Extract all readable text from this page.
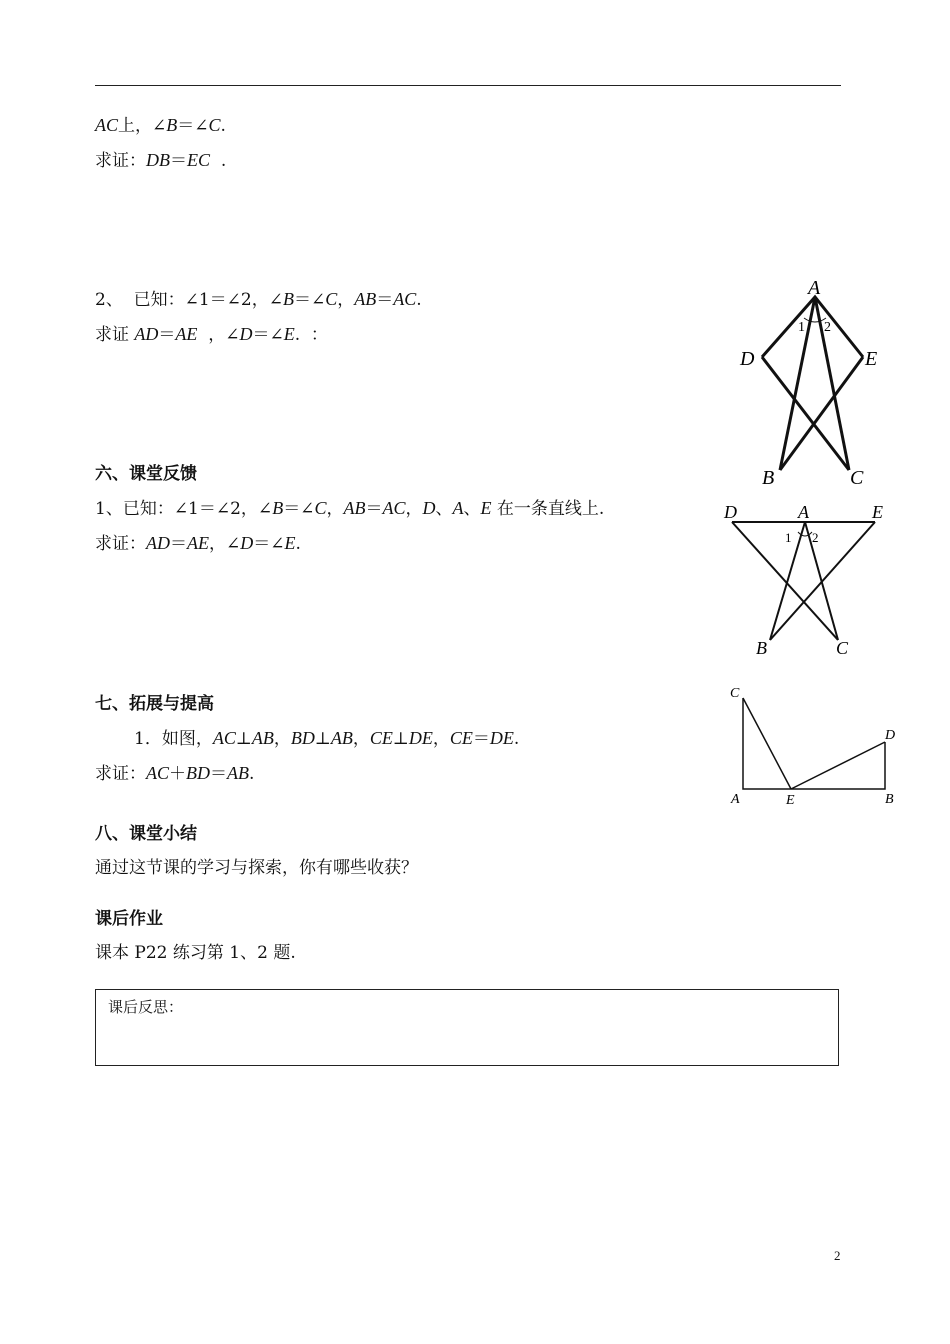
AC上，∠B＝∠C.
求证：DB＝EC  .
2、  已知：∠1＝∠2，∠B＝∠C，AB＝AC.
求证 AD＝AE  ，∠D＝∠E.  ：
六、课堂反馈
1、已知：∠1＝∠2，∠B＝∠C，AB＝AC，D、A、E 在一条直线上.
求证：AD＝AE，∠D＝∠E.
七、拓展与提高
1．如图，AC⊥AB，BD⊥AB，CE⊥DE，CE＝DE.
求证：AC＋BD＝AB.
八、课堂小结
通过这节课的学习与探索，你有哪些收获？
课后作业
课本 P22 练习第 1、2 题.
课后反思：
A
D	E
B	C
1 2
D	A	E
1 2
B	C
C
D
A	E	B
2
